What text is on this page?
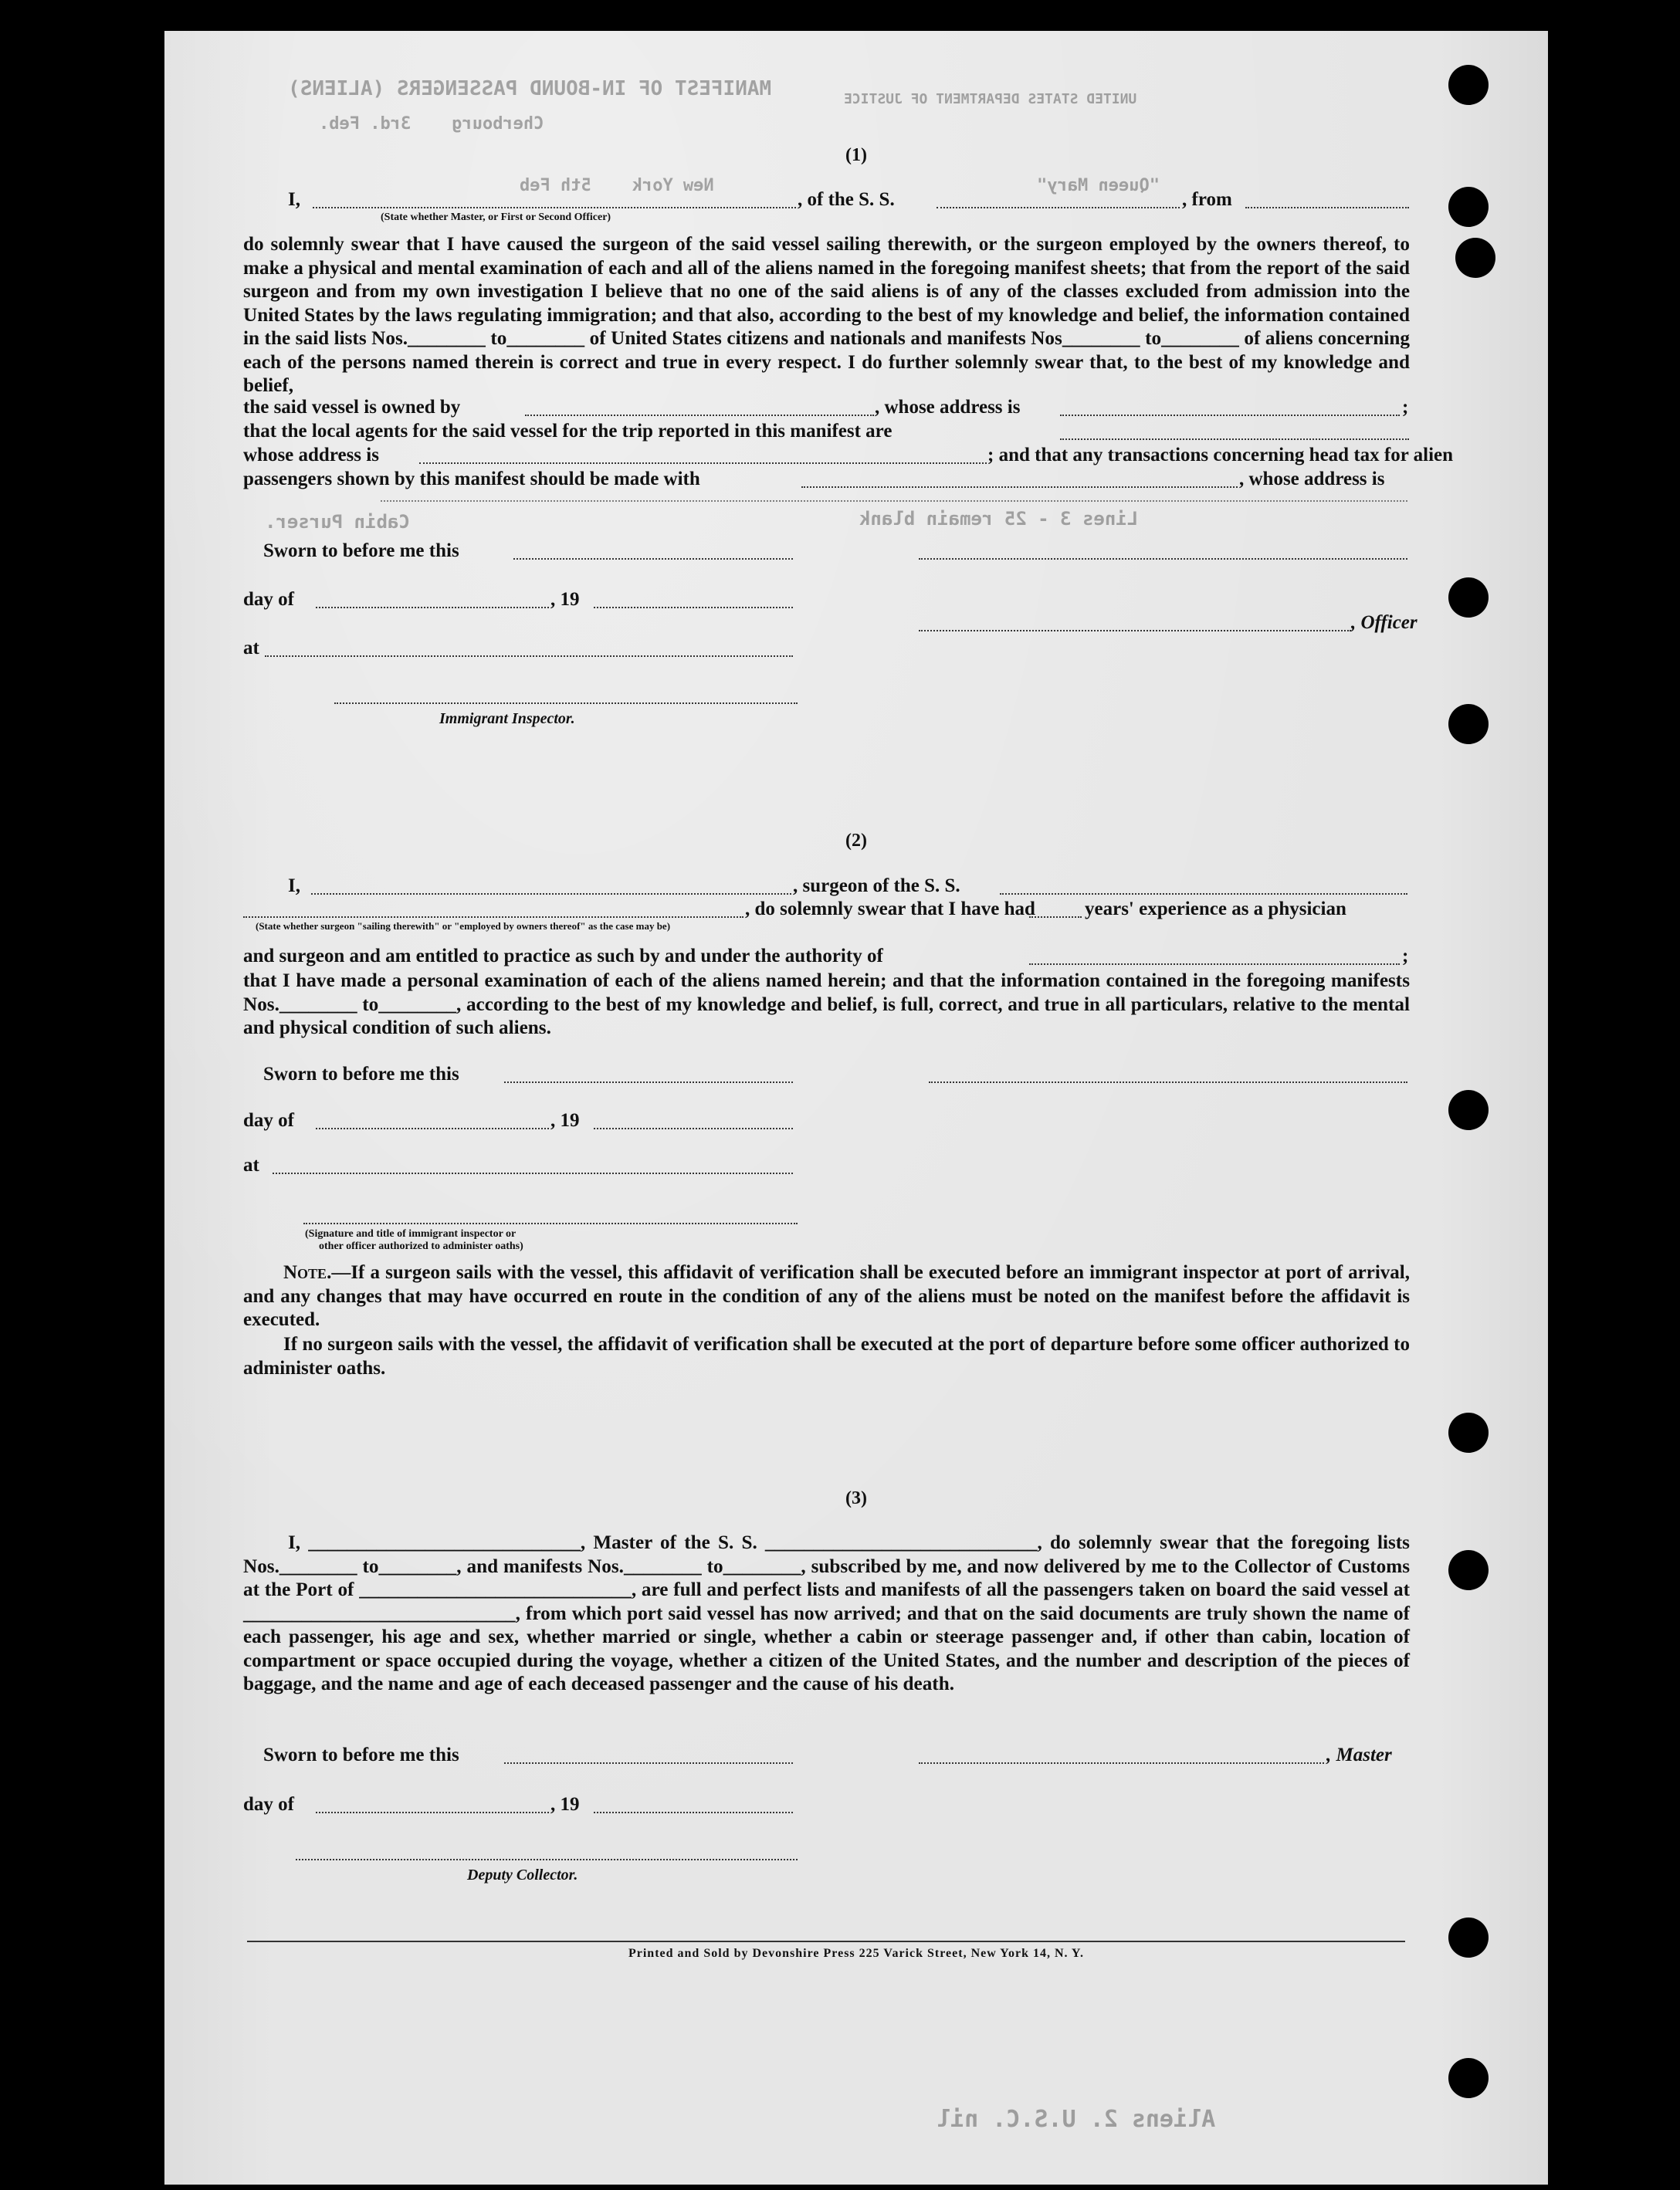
MANIFEST OF IN-BOUND PASSENGERS (ALIENS)
Cherbourg    3rd. Feb.
UNITED STATES DEPARTMENT OF JUSTICE
New York    5th Feb	"Queen Mary"
(1)
I,	, of the S. S.	, from
(State whether Master, or First or Second Officer)
do solemnly swear that I have caused the surgeon of the said vessel sailing therewith, or the surgeon employed by the owners thereof, to make a physical and mental examination of each and all of the aliens named in the foregoing manifest sheets; that from the report of the said surgeon and from my own investigation I believe that no one of the said aliens is of any of the classes excluded from admission into the United States by the laws regulating immigration; and that also, according to the best of my knowledge and belief, the information contained in the said lists Nos.________ to________ of United States citizens and nationals and manifests Nos________ to________ of aliens concerning each of the persons named therein is correct and true in every respect. I do further solemnly swear that, to the best of my knowledge and belief,
the said vessel is owned by	, whose address is	;
that the local agents for the said vessel for the trip reported in this manifest are
whose address is	; and that any transactions concerning head tax for alien
passengers shown by this manifest should be made with	, whose address is
Lines 3 - 25 remain blank
Cabin Purser.
Sworn to before me this
day of	, 19
, Officer
at
Immigrant Inspector.
(2)
I,	, surgeon of the S. S.
, do solemnly swear that I have had	years' experience as a physician
(State whether surgeon "sailing therewith" or "employed by owners thereof" as the case may be)
and surgeon and am entitled to practice as such by and under the authority of	;
that I have made a personal examination of each of the aliens named herein; and that the information contained in the foregoing manifests Nos.________ to________, according to the best of my knowledge and belief, is full, correct, and true in all particulars, relative to the mental and physical condition of such aliens.
Sworn to before me this
day of	, 19
at
(Signature and title of immigrant inspector or
other officer authorized to administer oaths)
Note.—If a surgeon sails with the vessel, this affidavit of verification shall be executed before an immigrant inspector at port of arrival, and any changes that may have occurred en route in the condition of any of the aliens must be noted on the manifest before the affidavit is executed.
If no surgeon sails with the vessel, the affidavit of verification shall be executed at the port of departure before some officer authorized to administer oaths.
(3)
I, ____________________________, Master of the S. S. ____________________________, do solemnly swear that the foregoing lists Nos.________ to________, and manifests Nos.________ to________, subscribed by me, and now delivered by me to the Collector of Customs at the Port of ____________________________, are full and perfect lists and manifests of all the passengers taken on board the said vessel at ____________________________, from which port said vessel has now arrived; and that on the said documents are truly shown the name of each passenger, his age and sex, whether married or single, whether a cabin or steerage passenger and, if other than cabin, location of compartment or space occupied during the voyage, whether a citizen of the United States, and the number and description of the pieces of baggage, and the name and age of each deceased passenger and the cause of his death.
Sworn to before me this	, Master
day of	, 19
Deputy Collector.
Printed and Sold by Devonshire Press 225 Varick Street, New York 14, N. Y.
Aliens 2. U.S.C. nil
